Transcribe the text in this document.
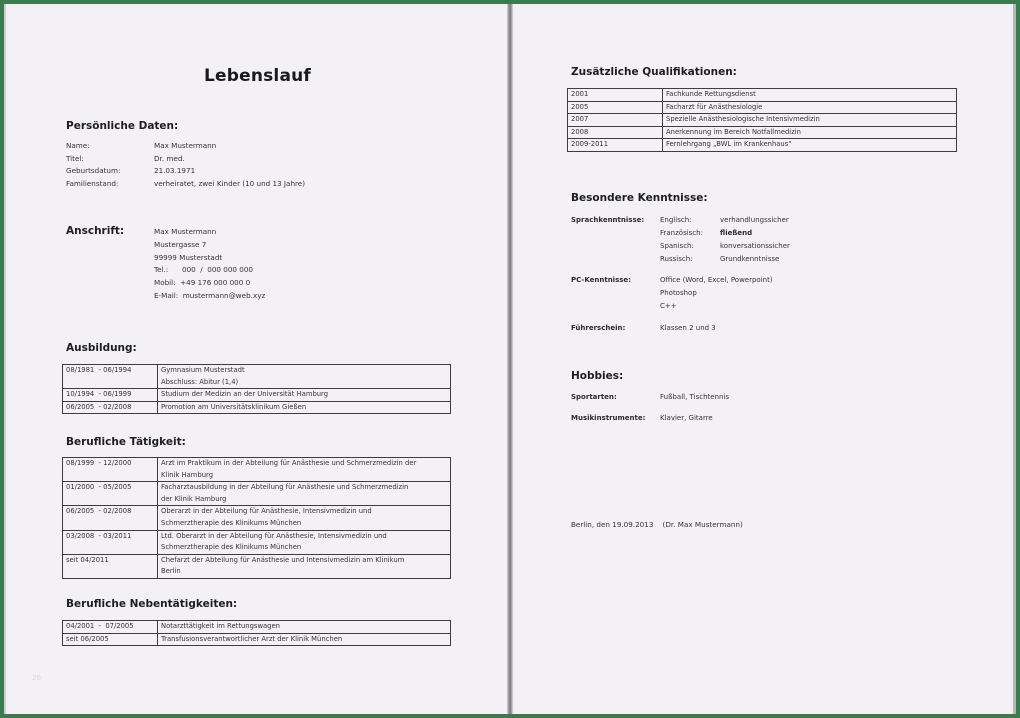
Lebenslauf
Persönliche Daten:
Name:	Max Mustermann
Titel:	Dr. med.
Geburtsdatum:	21.03.1971
Familienstand:	verheiratet, zwei Kinder (10 und 13 Jahre)
Anschrift:	Max Mustermann
Mustergasse 7
99999 Musterstadt
Tel.:      000  /  000 000 000
Mobil:  +49 176 000 000 0
E-Mail:  mustermann@web.xyz
Ausbildung:
08/1981  - 06/1994	Gymnasium Musterstadt
Abschluss: Abitur (1,4)

10/1994  - 06/1999	Studium der Medizin an der Universität Hamburg
06/2005  - 02/2008	Promotion am Universitätsklinikum Gießen
Berufliche Tätigkeit:
08/1999  - 12/2000	Arzt im Praktikum in der Abteilung für Anästhesie und Schmerzmedizin der
Klinik Hamburg

01/2000  - 05/2005	Facharztausbildung in der Abteilung für Anästhesie und Schmerzmedizin
der Klinik Hamburg

06/2005  - 02/2008	Oberarzt in der Abteilung für Anästhesie, Intensivmedizin und
Schmerztherapie des Klinikums München

03/2008  - 03/2011	Ltd. Oberarzt in der Abteilung für Anästhesie, Intensivmedizin und
Schmerztherapie des Klinikums München

seit 04/2011	Chefarzt der Abteilung für Anästhesie und Intensivmedizin am Klinikum
Berlin
Berufliche Nebentätigkeiten:
04/2001  -  07/2005	Notarzttätigkeit im Rettungswagen
seit 06/2005	Transfusionsverantwortlicher Arzt der Klinik München
20
Zusätzliche Qualifikationen:
2001	Fachkunde Rettungsdienst
2005	Facharzt für Anästhesiologie
2007	Spezielle Anästhesiologische Intensivmedizin
2008	Anerkennung im Bereich Notfallmedizin
2009-2011	Fernlehrgang „BWL im Krankenhaus“
Besondere Kenntnisse:
Sprachkenntnisse:	Englisch:	verhandlungssicher
Französisch:	fließend
Spanisch:	konversationssicher
Russisch:	Grundkenntnisse
PC-Kenntnisse:	Office (Word, Excel, Powerpoint)
Photoshop
C++
Führerschein:	Klassen 2 und 3
Hobbies:
Sportarten:	Fußball, Tischtennis
Musikinstrumente:	Klavier, Gitarre
Berlin, den 19.09.2013    (Dr. Max Mustermann)
